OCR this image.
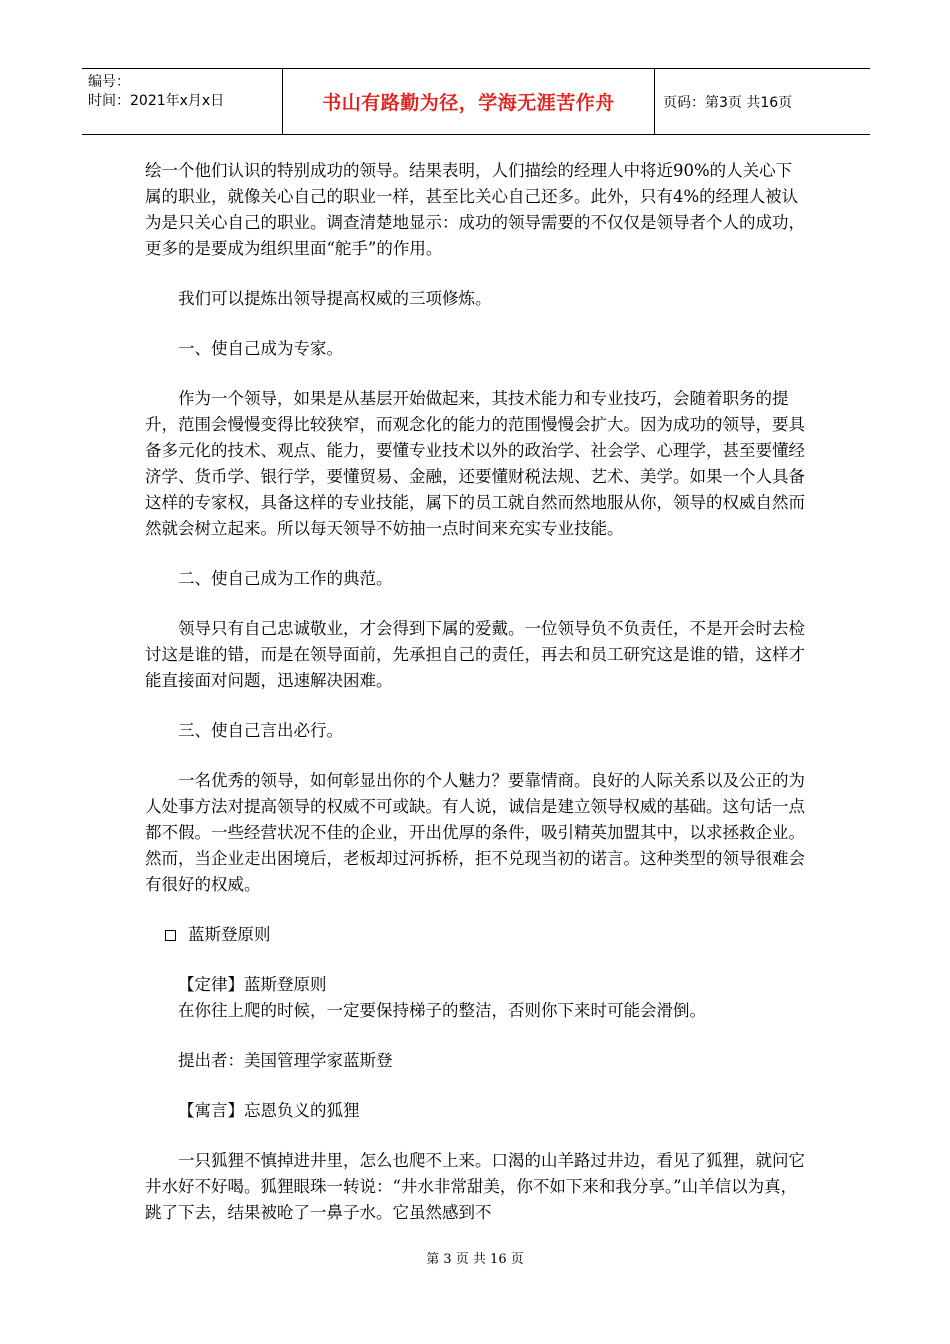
编号：
时间：2021年x月x日	书山有路勤为径，学海无涯苦作舟	页码：第3页 共16页

绘一个他们认识的特别成功的领导。结果表明，人们描绘的经理人中将近90%的人关心下属的职业，就像关心自己的职业一样，甚至比关心自己还多。此外，只有4%的经理人被认为是只关心自己的职业。调查清楚地显示：成功的领导需要的不仅仅是领导者个人的成功，更多的是要成为组织里面“舵手”的作用。

我们可以提炼出领导提高权威的三项修炼。

一、使自己成为专家。

作为一个领导，如果是从基层开始做起来，其技术能力和专业技巧，会随着职务的提升，范围会慢慢变得比较狭窄，而观念化的能力的范围慢慢会扩大。因为成功的领导，要具备多元化的技术、观点、能力，要懂专业技术以外的政治学、社会学、心理学，甚至要懂经济学、货币学、银行学，要懂贸易、金融，还要懂财税法规、艺术、美学。如果一个人具备这样的专家权，具备这样的专业技能，属下的员工就自然而然地服从你，领导的权威自然而然就会树立起来。所以每天领导不妨抽一点时间来充实专业技能。

二、使自己成为工作的典范。

领导只有自己忠诚敬业，才会得到下属的爱戴。一位领导负不负责任，不是开会时去检讨这是谁的错，而是在领导面前，先承担自己的责任，再去和员工研究这是谁的错，这样才能直接面对问题，迅速解决困难。

三、使自己言出必行。

一名优秀的领导，如何彰显出你的个人魅力？要靠情商。良好的人际关系以及公正的为人处事方法对提高领导的权威不可或缺。有人说，诚信是建立领导权威的基础。这句话一点都不假。一些经营状况不佳的企业，开出优厚的条件，吸引精英加盟其中，以求拯救企业。然而，当企业走出困境后，老板却过河拆桥，拒不兑现当初的诺言。这种类型的领导很难会有很好的权威。

蓝斯登原则

【定律】蓝斯登原则

在你往上爬的时候，一定要保持梯子的整洁，否则你下来时可能会滑倒。

提出者：美国管理学家蓝斯登

【寓言】忘恩负义的狐狸

一只狐狸不慎掉进井里，怎么也爬不上来。口渴的山羊路过井边，看见了狐狸，就问它井水好不好喝。狐狸眼珠一转说：“井水非常甜美，你不如下来和我分享。”山羊信以为真，跳了下去，结果被呛了一鼻子水。它虽然感到不

第 3 页 共 16 页
